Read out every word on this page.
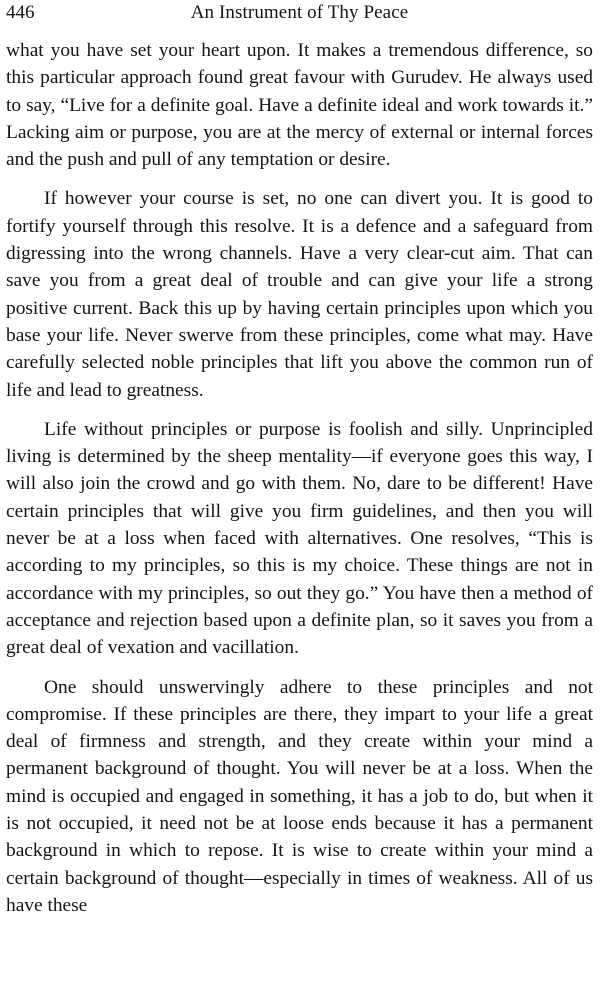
446	An Instrument of Thy Peace

what you have set your heart upon. It makes a tremendous difference, so this particular approach found great favour with Gurudev. He always used to say, “Live for a definite goal. Have a definite ideal and work towards it.” Lacking aim or purpose, you are at the mercy of external or internal forces and the push and pull of any temptation or desire.

If however your course is set, no one can divert you. It is good to fortify yourself through this resolve. It is a defence and a safeguard from digressing into the wrong channels. Have a very clear-cut aim. That can save you from a great deal of trouble and can give your life a strong positive current. Back this up by having certain principles upon which you base your life. Never swerve from these principles, come what may. Have carefully selected noble principles that lift you above the common run of life and lead to greatness.

Life without principles or purpose is foolish and silly. Unprincipled living is determined by the sheep mentality—if everyone goes this way, I will also join the crowd and go with them. No, dare to be different! Have certain principles that will give you firm guidelines, and then you will never be at a loss when faced with alternatives. One resolves, “This is according to my principles, so this is my choice. These things are not in accordance with my principles, so out they go.” You have then a method of acceptance and rejection based upon a definite plan, so it saves you from a great deal of vexation and vacillation.

One should unswervingly adhere to these principles and not compromise. If these principles are there, they impart to your life a great deal of firmness and strength, and they create within your mind a permanent background of thought. You will never be at a loss. When the mind is occupied and engaged in something, it has a job to do, but when it is not occupied, it need not be at loose ends because it has a permanent background in which to repose. It is wise to create within your mind a certain background of thought—especially in times of weakness. All of us have these
